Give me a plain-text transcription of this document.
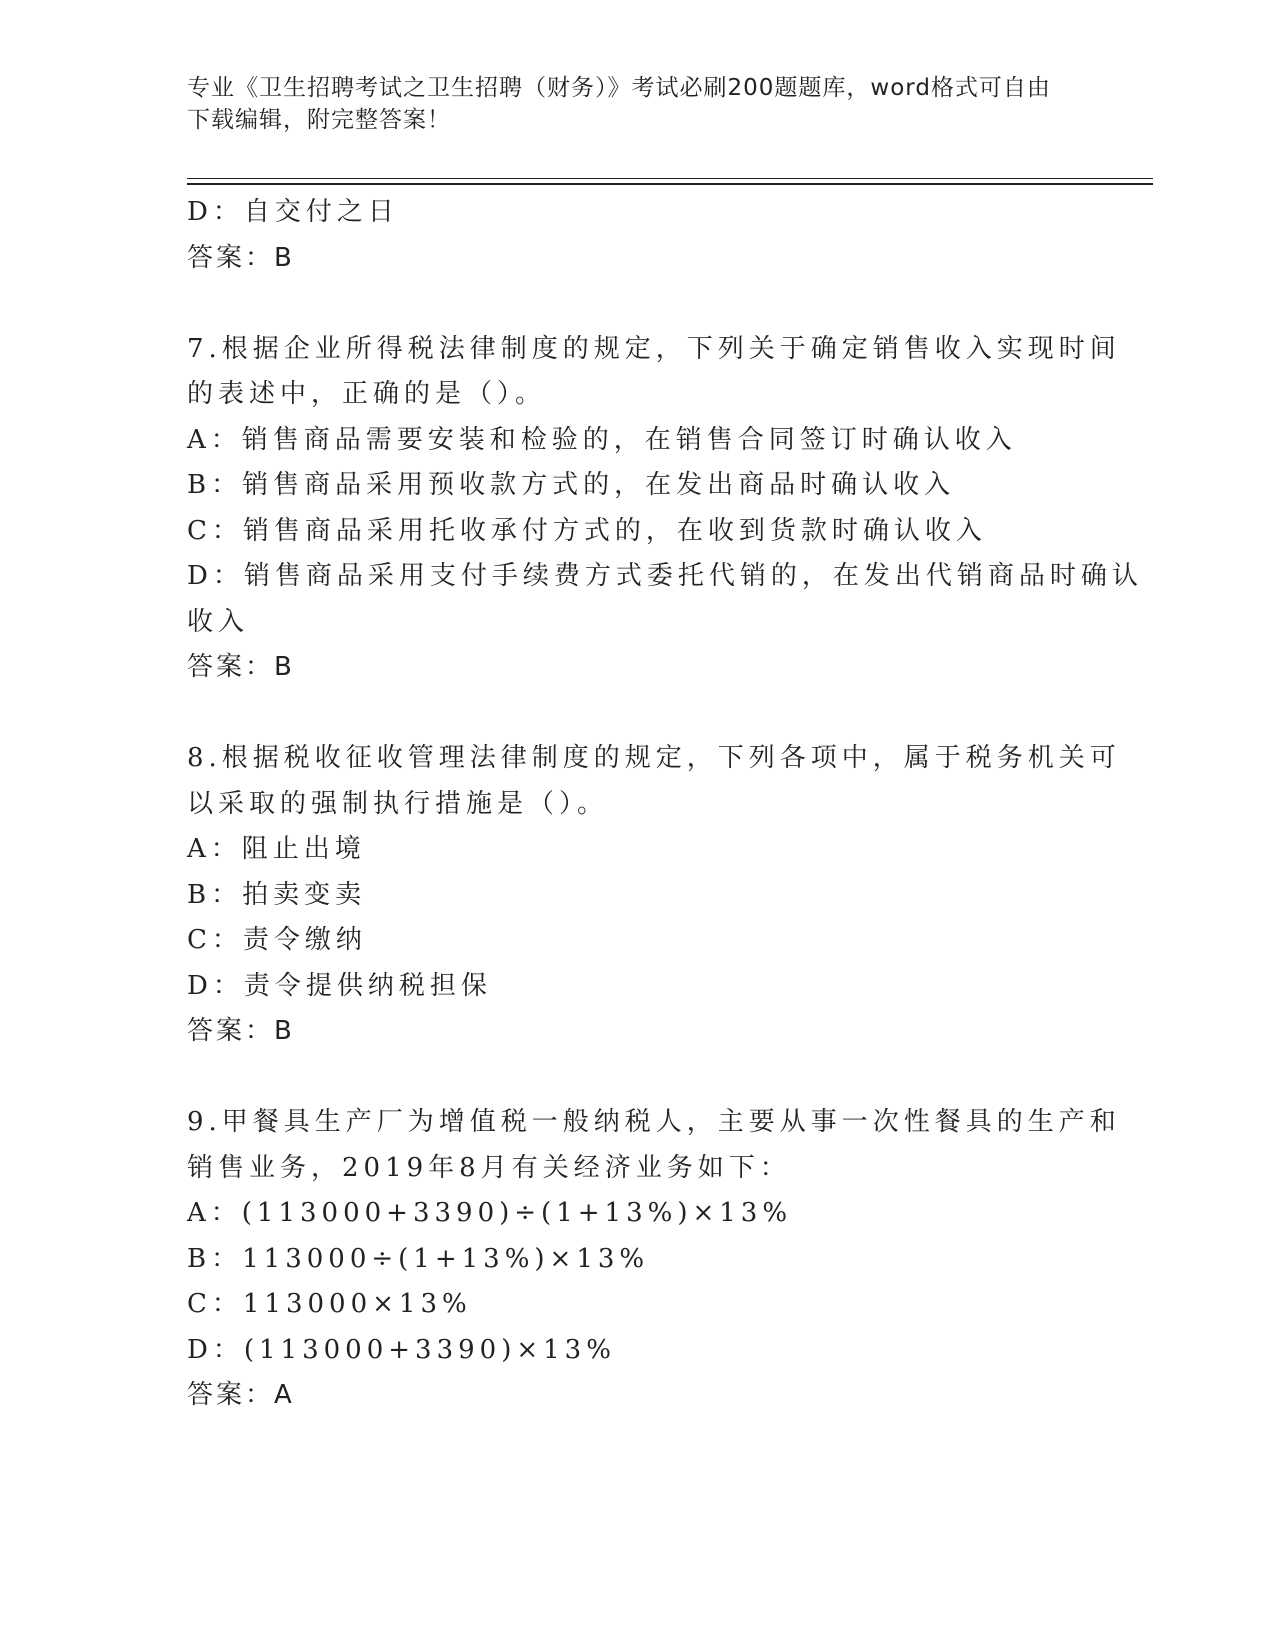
专业《卫生招聘考试之卫生招聘（财务）》考试必刷200题题库，word格式可自由下载编辑，附完整答案！
D：自交付之日
答案：B
7.根据企业所得税法律制度的规定，下列关于确定销售收入实现时间
的表述中，正确的是（）。
A：销售商品需要安装和检验的，在销售合同签订时确认收入
B：销售商品采用预收款方式的，在发出商品时确认收入
C：销售商品采用托收承付方式的，在收到货款时确认收入
D：销售商品采用支付手续费方式委托代销的，在发出代销商品时确认
收入
答案：B
8.根据税收征收管理法律制度的规定，下列各项中，属于税务机关可
以采取的强制执行措施是（）。
A：阻止出境
B：拍卖变卖
C：责令缴纳
D：责令提供纳税担保
答案：B
9.甲餐具生产厂为增值税一般纳税人，主要从事一次性餐具的生产和
销售业务，2019年8月有关经济业务如下：
A：(113000+3390)÷(1+13%)×13%
B：113000÷(1+13%)×13%
C：113000×13%
D：(113000+3390)×13%
答案：A
